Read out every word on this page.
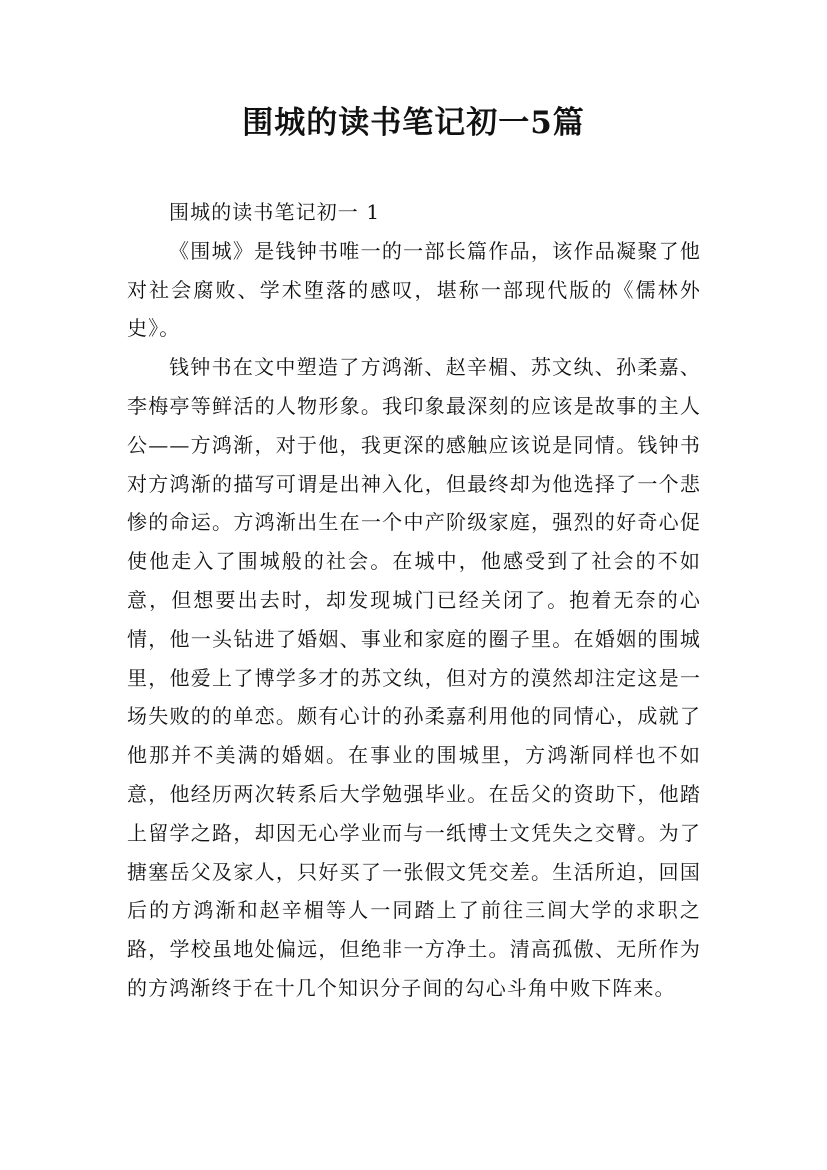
围城的读书笔记初一5篇

围城的读书笔记初一 1

《围城》是钱钟书唯一的一部长篇作品，该作品凝聚了他对社会腐败、学术堕落的感叹，堪称一部现代版的《儒林外史》。

钱钟书在文中塑造了方鸿渐、赵辛楣、苏文纨、孙柔嘉、李梅亭等鲜活的人物形象。我印象最深刻的应该是故事的主人公——方鸿渐，对于他，我更深的感触应该说是同情。钱钟书对方鸿渐的描写可谓是出神入化，但最终却为他选择了一个悲惨的命运。方鸿渐出生在一个中产阶级家庭，强烈的好奇心促使他走入了围城般的社会。在城中，他感受到了社会的不如意，但想要出去时，却发现城门已经关闭了。抱着无奈的心情，他一头钻进了婚姻、事业和家庭的圈子里。在婚姻的围城里，他爱上了博学多才的苏文纨，但对方的漠然却注定这是一场失败的的单恋。颇有心计的孙柔嘉利用他的同情心，成就了他那并不美满的婚姻。在事业的围城里，方鸿渐同样也不如意，他经历两次转系后大学勉强毕业。在岳父的资助下，他踏上留学之路，却因无心学业而与一纸博士文凭失之交臂。为了搪塞岳父及家人，只好买了一张假文凭交差。生活所迫，回国后的方鸿渐和赵辛楣等人一同踏上了前往三闾大学的求职之路，学校虽地处偏远，但绝非一方净土。清高孤傲、无所作为的方鸿渐终于在十几个知识分子间的勾心斗角中败下阵来。
